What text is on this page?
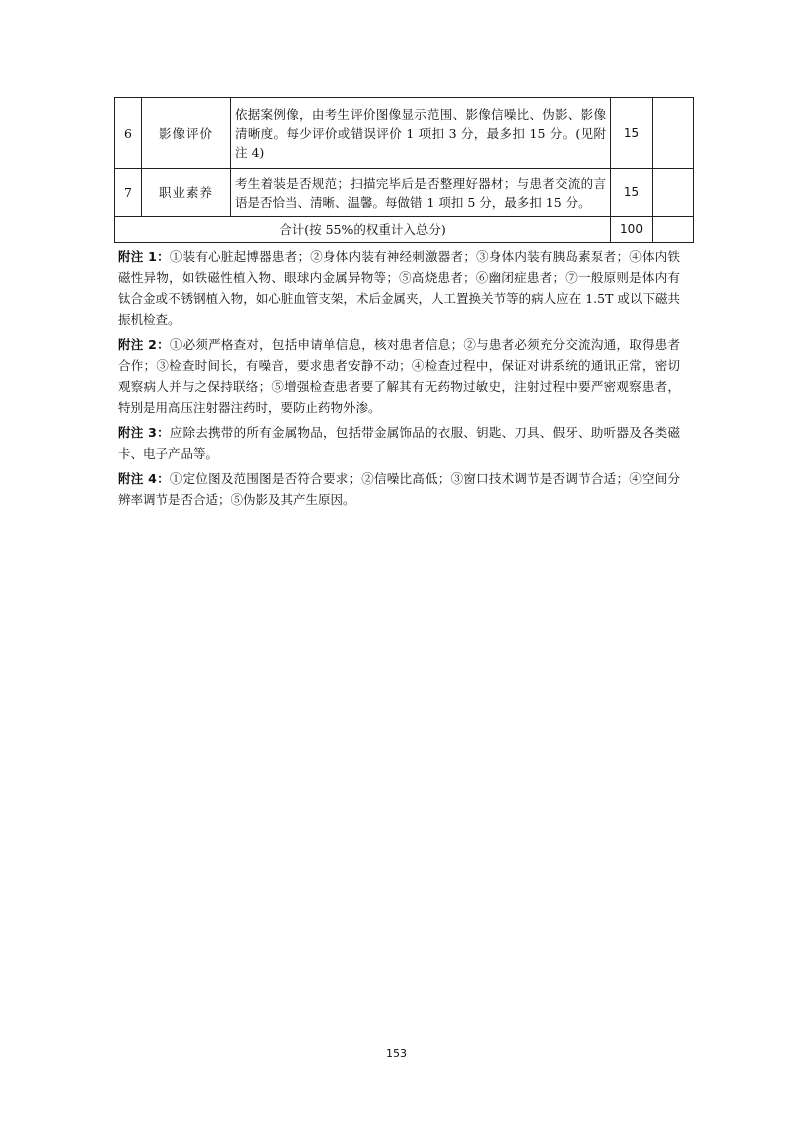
6	影像评价	依据案例像，由考生评价图像显示范围、影像信噪比、伪影、影像清晰度。每少评价或错误评价 1 项扣 3 分，最多扣 15 分。(见附注 4)	15	
7	职业素养	考生着装是否规范；扫描完毕后是否整理好器材；与患者交流的言语是否恰当、清晰、温馨。每做错 1 项扣 5 分，最多扣 15 分。	15	
合计(按 55%的权重计入总分)			100	

附注 1：①装有心脏起博器患者；②身体内装有神经刺激器者；③身体内装有胰岛素泵者；④体内铁磁性异物，如铁磁性植入物、眼球内金属异物等；⑤高烧患者；⑥幽闭症患者；⑦一般原则是体内有钛合金或不锈钢植入物，如心脏血管支架，术后金属夹，人工置换关节等的病人应在 1.5T 或以下磁共振机检查。

附注 2：①必须严格查对，包括申请单信息，核对患者信息；②与患者必须充分交流沟通，取得患者合作；③检查时间长，有噪音，要求患者安静不动；④检查过程中，保证对讲系统的通讯正常，密切观察病人并与之保持联络；⑤增强检查患者要了解其有无药物过敏史，注射过程中要严密观察患者，特别是用高压注射器注药时，要防止药物外渗。

附注 3：应除去携带的所有金属物品，包括带金属饰品的衣服、钥匙、刀具、假牙、助听器及各类磁卡、电子产品等。

附注 4：①定位图及范围图是否符合要求；②信噪比高低；③窗口技术调节是否调节合适；④空间分辨率调节是否合适；⑤伪影及其产生原因。

153
